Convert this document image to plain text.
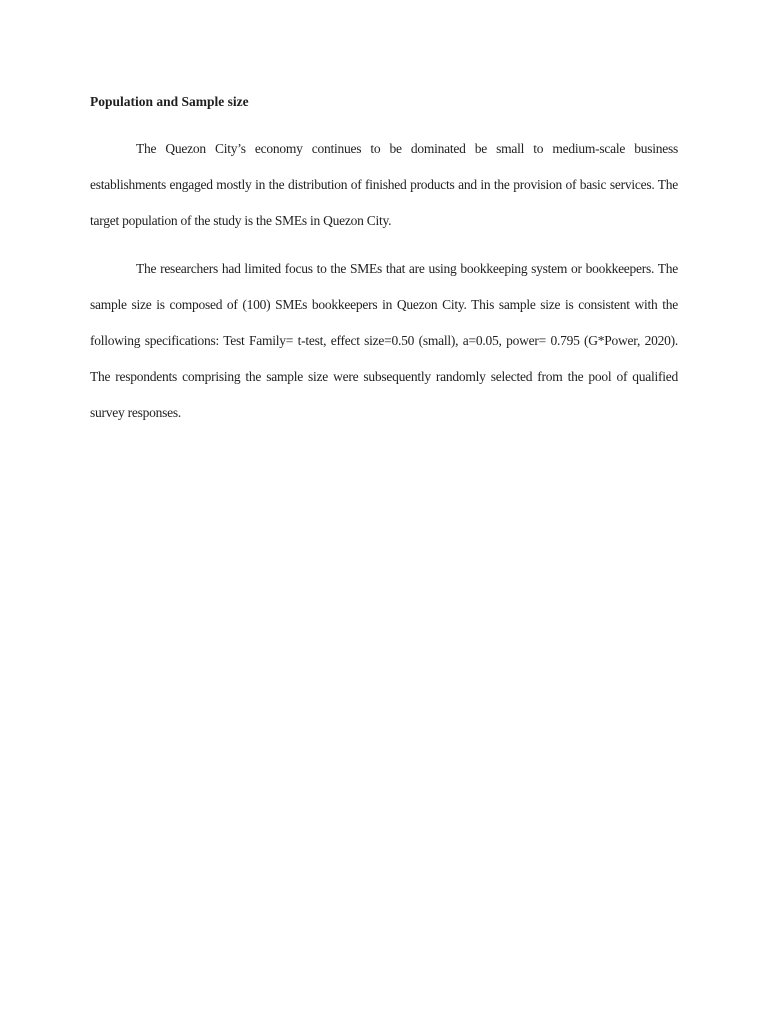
Population and Sample size

The Quezon City’s economy continues to be dominated be small to medium-scale business establishments engaged mostly in the distribution of finished products and in the provision of basic services. The target population of the study is the SMEs in Quezon City.

The researchers had limited focus to the SMEs that are using bookkeeping system or bookkeepers. The sample size is composed of (100) SMEs bookkeepers in Quezon City. This sample size is consistent with the following specifications: Test Family= t-test, effect size=0.50 (small), a=0.05, power= 0.795 (G*Power, 2020). The respondents comprising the sample size were subsequently randomly selected from the pool of qualified survey responses.
